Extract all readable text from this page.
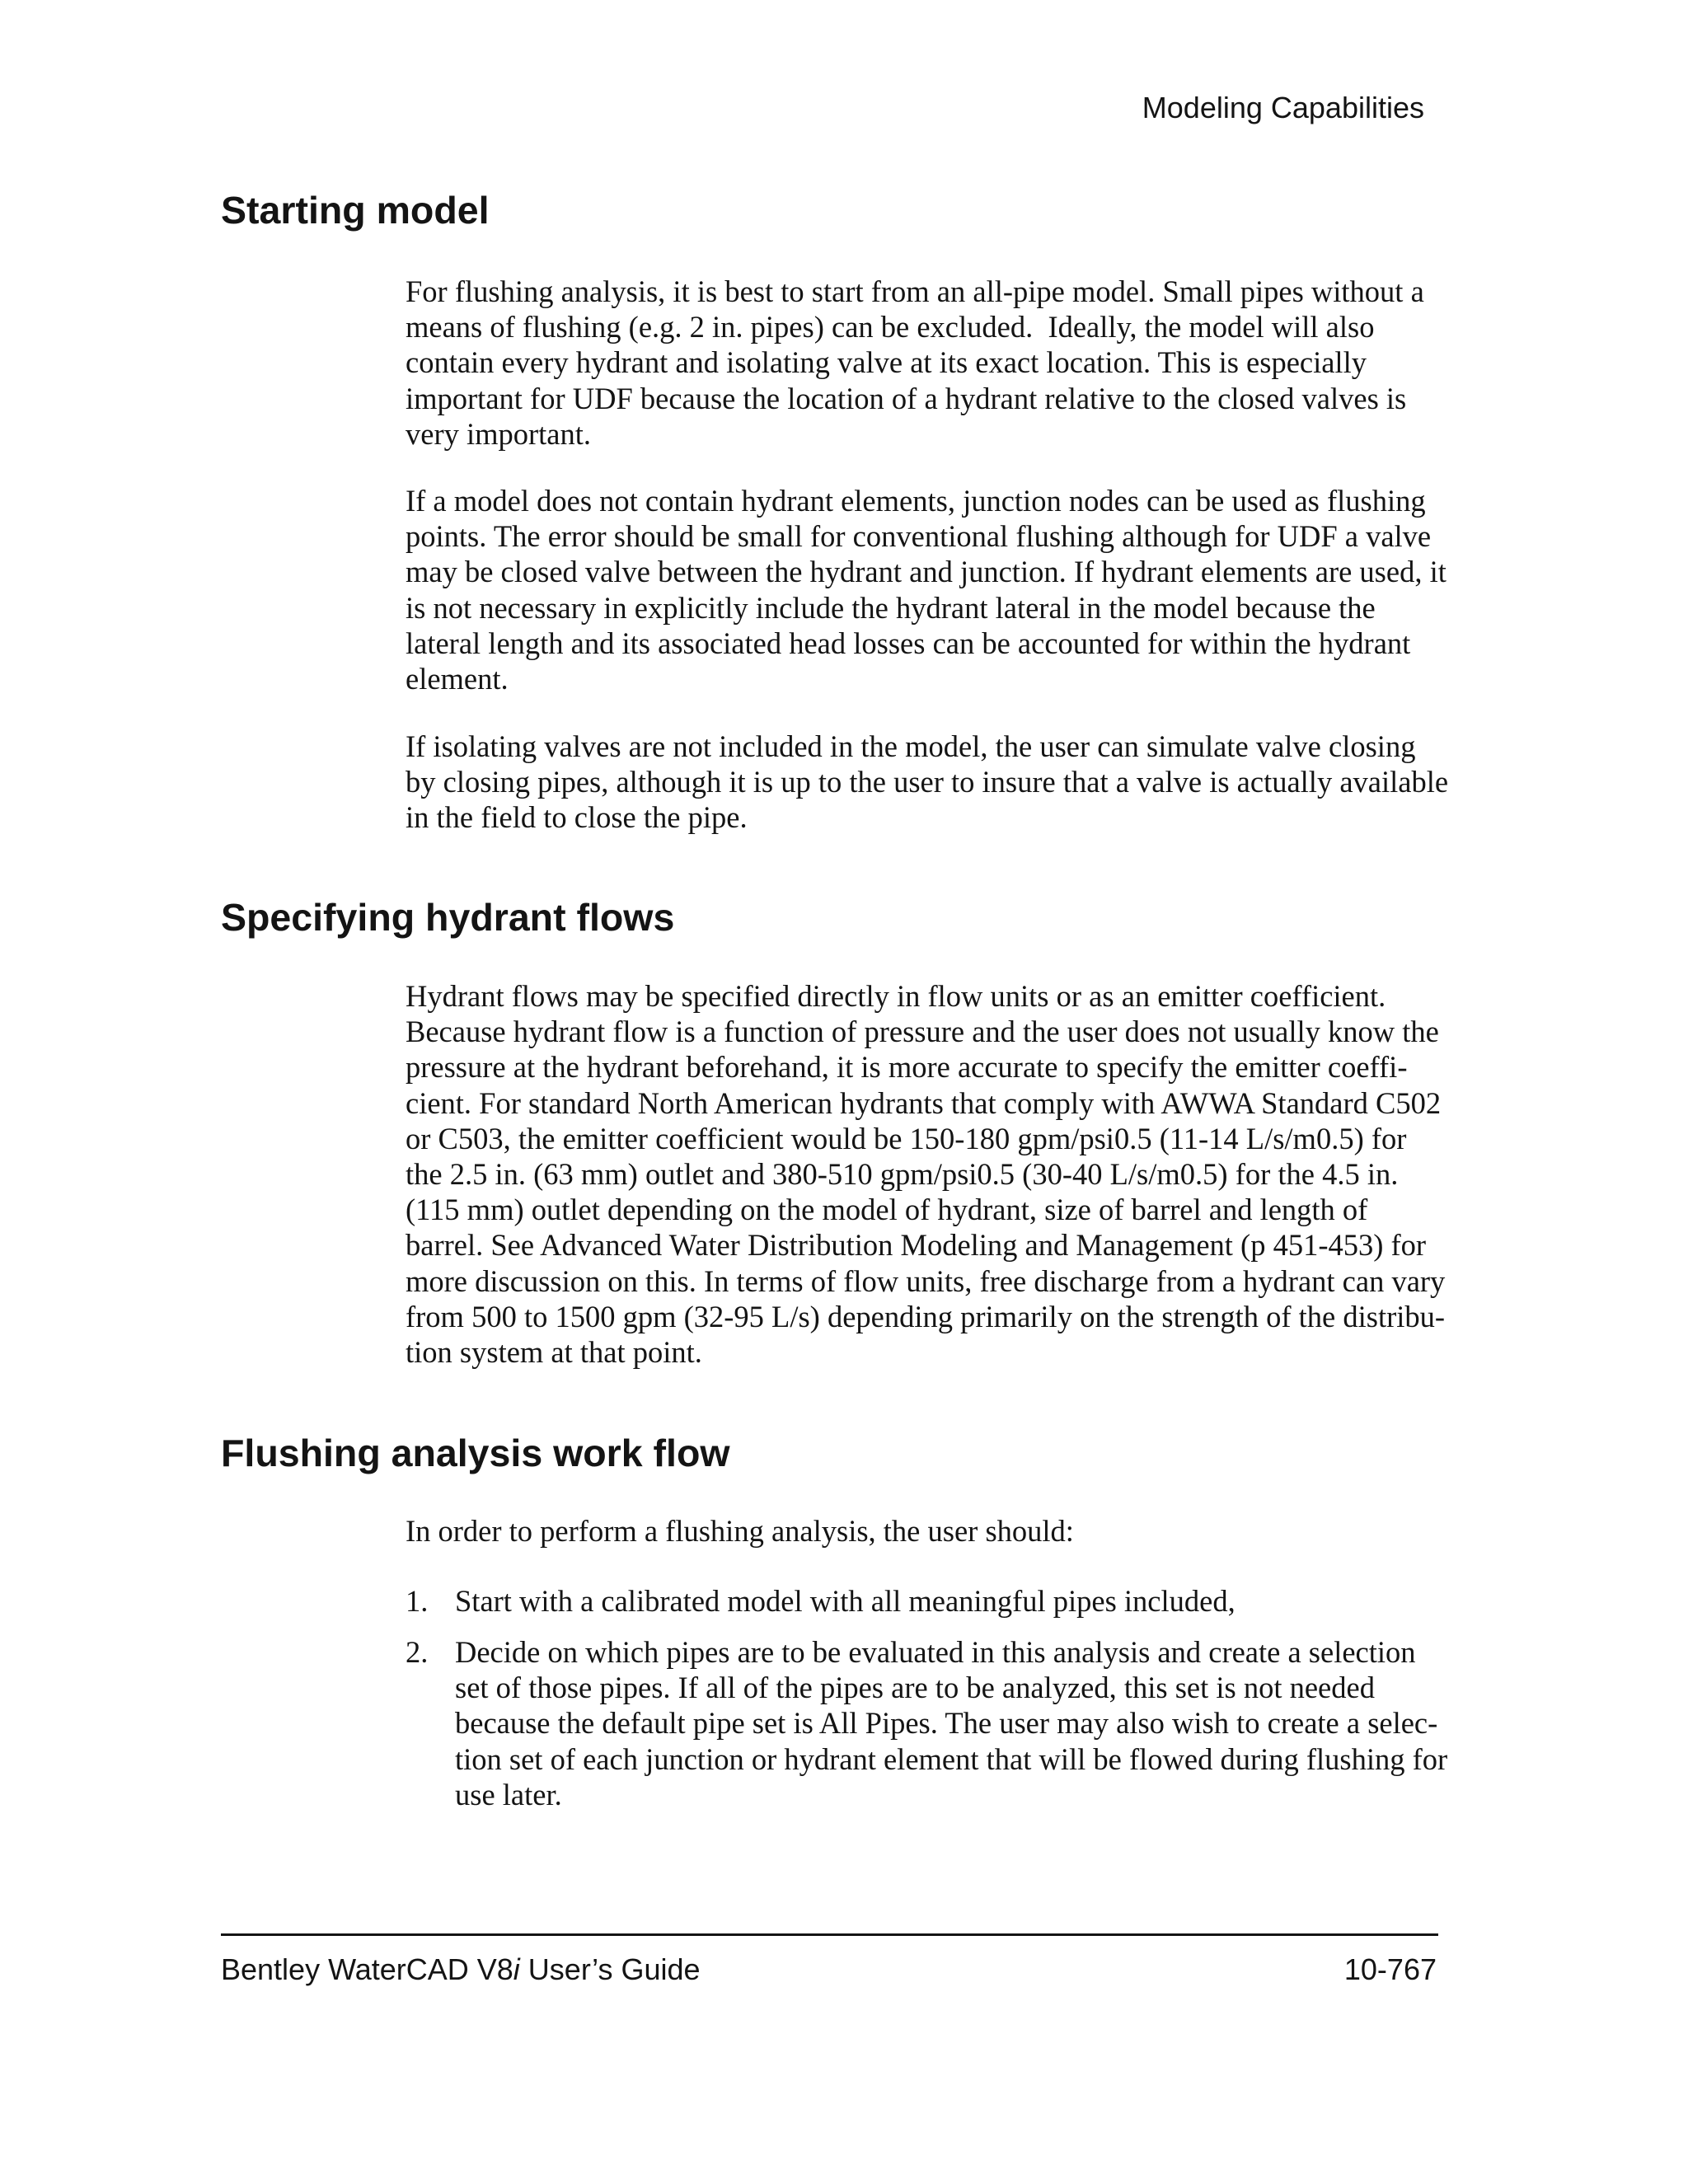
Modeling Capabilities
Starting model
For flushing analysis, it is best to start from an all-pipe model. Small pipes without a
means of flushing (e.g. 2 in. pipes) can be excluded.  Ideally, the model will also
contain every hydrant and isolating valve at its exact location. This is especially
important for UDF because the location of a hydrant relative to the closed valves is
very important.
If a model does not contain hydrant elements, junction nodes can be used as flushing
points. The error should be small for conventional flushing although for UDF a valve
may be closed valve between the hydrant and junction. If hydrant elements are used, it
is not necessary in explicitly include the hydrant lateral in the model because the
lateral length and its associated head losses can be accounted for within the hydrant
element.
If isolating valves are not included in the model, the user can simulate valve closing
by closing pipes, although it is up to the user to insure that a valve is actually available
in the field to close the pipe.
Specifying hydrant flows
Hydrant flows may be specified directly in flow units or as an emitter coefficient.
Because hydrant flow is a function of pressure and the user does not usually know the
pressure at the hydrant beforehand, it is more accurate to specify the emitter coeffi-
cient. For standard North American hydrants that comply with AWWA Standard C502
or C503, the emitter coefficient would be 150-180 gpm/psi0.5 (11-14 L/s/m0.5) for
the 2.5 in. (63 mm) outlet and 380-510 gpm/psi0.5 (30-40 L/s/m0.5) for the 4.5 in.
(115 mm) outlet depending on the model of hydrant, size of barrel and length of
barrel. See Advanced Water Distribution Modeling and Management (p 451-453) for
more discussion on this. In terms of flow units, free discharge from a hydrant can vary
from 500 to 1500 gpm (32-95 L/s) depending primarily on the strength of the distribu-
tion system at that point.
Flushing analysis work flow
In order to perform a flushing analysis, the user should:
1. Start with a calibrated model with all meaningful pipes included,
2. Decide on which pipes are to be evaluated in this analysis and create a selection
set of those pipes. If all of the pipes are to be analyzed, this set is not needed
because the default pipe set is All Pipes. The user may also wish to create a selec-
tion set of each junction or hydrant element that will be flowed during flushing for
use later.
Bentley WaterCAD V8i User’s Guide	10-767
